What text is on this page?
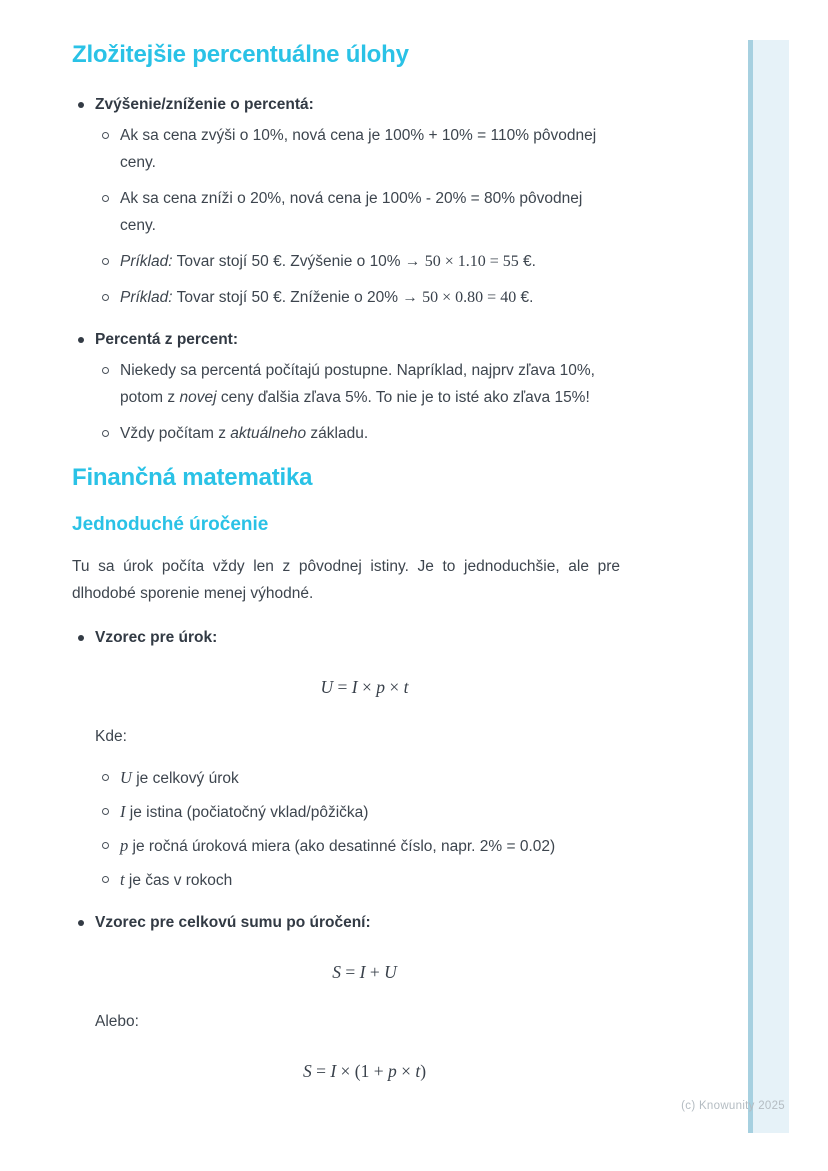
(c) Knowunity 2025
Zložitejšie percentuálne úlohy

Zvýšenie/zníženie o percentá:

Ak sa cena zvýši o 10%, nová cena je 100% + 10% = 110% pôvodnej ceny.
Ak sa cena zníži o 20%, nová cena je 100% - 20% = 80% pôvodnej ceny.
Príklad: Tovar stojí 50 €. Zvýšenie o 10% → 50 × 1.10 = 55 €.
Príklad: Tovar stojí 50 €. Zníženie o 20% → 50 × 0.80 = 40 €.

Percentá z percent:

Niekedy sa percentá počítajú postupne. Napríklad, najprv zľava 10%, potom z novej ceny ďalšia zľava 5%. To nie je to isté ako zľava 15%!
Vždy počítam z aktuálneho základu.
Finančná matematika
Jednoduché úročenie

Tu sa úrok počíta vždy len z pôvodnej istiny. Je to jednoduchšie, ale pre dlhodobé sporenie menej výhodné.

Vzorec pre úrok:

U = I × p × t

Kde:

U je celkový úrok
I je istina (počiatočný vklad/pôžička)
p je ročná úroková miera (ako desatinné číslo, napr. 2% = 0.02)
t je čas v rokoch

Vzorec pre celkovú sumu po úročení:

S = I + U

Alebo:

S = I × (1 + p × t)
